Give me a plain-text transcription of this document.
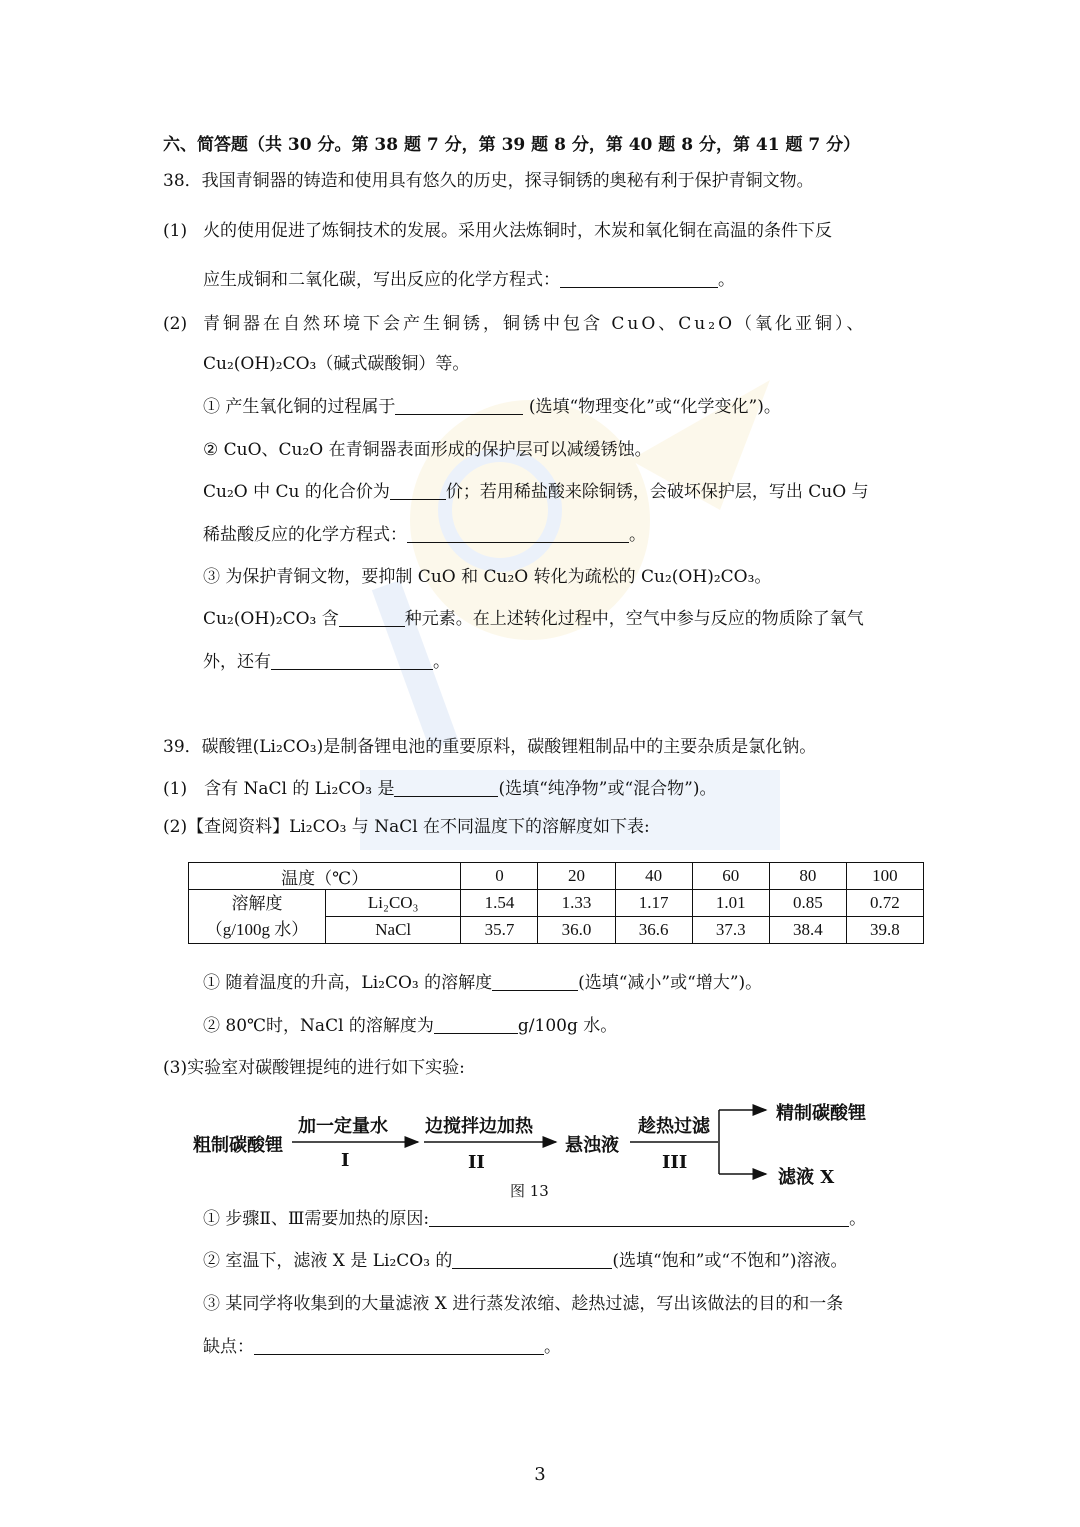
六、简答题（共 30 分。第 38 题 7 分，第 39 题 8 分，第 40 题 8 分，第 41 题 7 分）
38．我国青铜器的铸造和使用具有悠久的历史，探寻铜锈的奥秘有利于保护青铜文物。
(1) 火的使用促进了炼铜技术的发展。采用火法炼铜时，木炭和氧化铜在高温的条件下反
应生成铜和二氧化碳，写出反应的化学方程式：	。
(2) 青铜器在自然环境下会产生铜锈，铜锈中包含 CuO、Cu₂O（氧化亚铜）、
Cu₂(OH)₂CO₃（碱式碳酸铜）等。
① 产生氧化铜的过程属于	(选填“物理变化”或“化学变化”)。
② CuO、Cu₂O 在青铜器表面形成的保护层可以减缓锈蚀。
Cu₂O 中 Cu 的化合价为	价；若用稀盐酸来除铜锈，会破坏保护层，写出 CuO 与
稀盐酸反应的化学方程式：	。
③ 为保护青铜文物，要抑制 CuO 和 Cu₂O 转化为疏松的 Cu₂(OH)₂CO₃。
Cu₂(OH)₂CO₃ 含	种元素。在上述转化过程中，空气中参与反应的物质除了氧气
外，还有	。
39．碳酸锂(Li₂CO₃)是制备锂电池的重要原料，碳酸锂粗制品中的主要杂质是氯化钠。
(1)　含有 NaCl 的 Li₂CO₃ 是	(选填“纯净物”或“混合物”)。
(2)【查阅资料】Li₂CO₃ 与 NaCl 在不同温度下的溶解度如下表:
温度（℃）		0	20	40	60	80	100

溶解度
（g/100g 水）	Li₂CO₃	1.54	1.33	1.17	1.01	0.85	0.72
	NaCl	35.7	36.0	36.6	37.3	38.4	39.8
① 随着温度的升高，Li₂CO₃ 的溶解度	(选填“减小”或“增大”)。
② 80℃时，NaCl 的溶解度为	g/100g 水。
(3)实验室对碳酸锂提纯的进行如下实验:
粗制碳酸锂
加一定量水
I
边搅拌边加热
II
悬浊液
趁热过滤
III
精制碳酸锂
滤液 X
图 13
① 步骤Ⅱ、Ⅲ需要加热的原因:	。
② 室温下，滤液 X 是 Li₂CO₃ 的	(选填“饱和”或“不饱和”)溶液。
③ 某同学将收集到的大量滤液 X 进行蒸发浓缩、趁热过滤，写出该做法的目的和一条
缺点：	。
3
